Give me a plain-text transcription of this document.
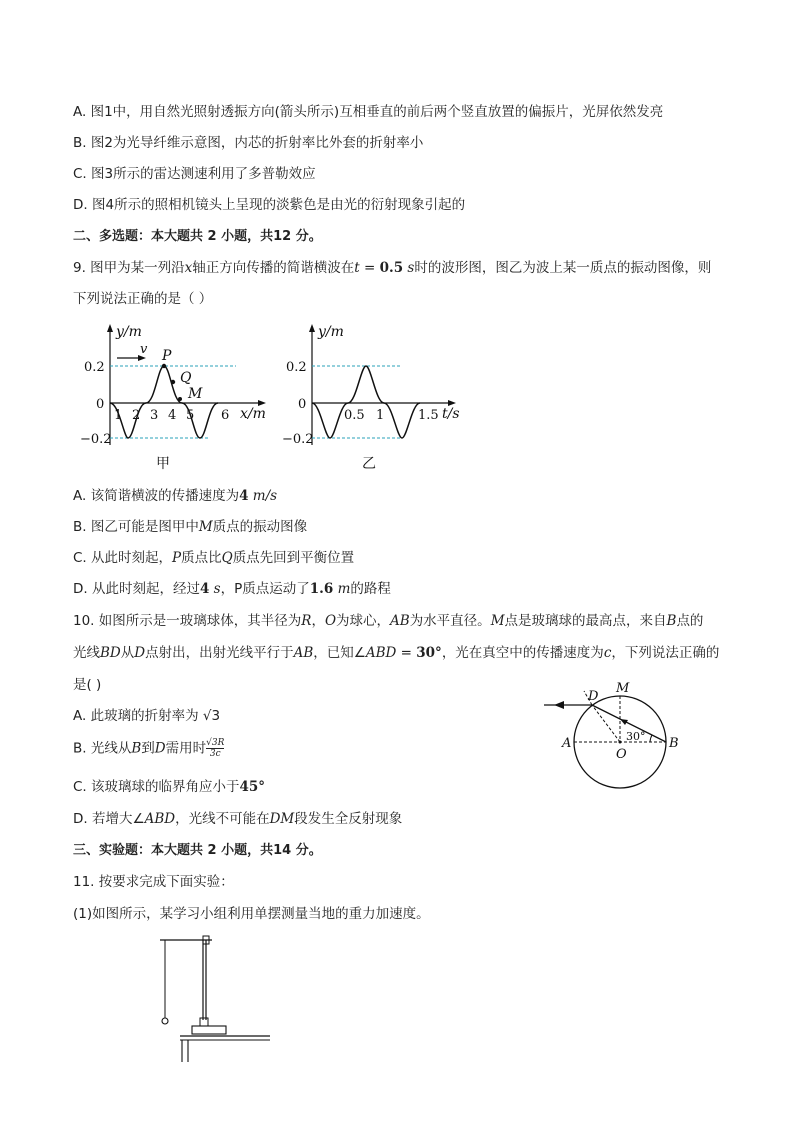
A. 图1中，用自然光照射透振方向(箭头所示)互相垂直的前后两个竖直放置的偏振片，光屏依然发亮
B. 图2为光导纤维示意图，内芯的折射率比外套的折射率小
C. 图3所示的雷达测速利用了多普勒效应
D. 图4所示的照相机镜头上呈现的淡紫色是由光的衍射现象引起的
二、多选题：本大题共 2 小题，共12 分。
9. 图甲为某一列沿x轴正方向传播的简谐横波在t = 0.5 s时的波形图，图乙为波上某一质点的振动图像，则
下列说法正确的是（ ）
y/m
v P
Q
M
0.2
0
−0.2
1 2 3 4 5 6 x/m
甲
y/m
0.2
0
−0.2
0.5 1	1.5 t/s
乙
A. 该简谐横波的传播速度为4 m/s
B. 图乙可能是图甲中M质点的振动图像
C. 从此时刻起，P质点比Q质点先回到平衡位置
D. 从此时刻起，经过4 s，P质点运动了1.6 m的路程
10. 如图所示是一玻璃球体，其半径为R，O为球心，AB为水平直径。M点是玻璃球的最高点，来自B点的
光线BD从D点射出，出射光线平行于AB，已知∠ABD = 30°，光在真空中的传播速度为c，下列说法正确的
是( )
A. 此玻璃的折射率为 √3
B. 光线从B到D需用时 $\frac{√3R}{3c}$
C. 该玻璃球的临界角应小于45°
D. 若增大∠ABD，光线不可能在DM段发生全反射现象
D
M
A
O
B
30°
三、实验题：本大题共 2 小题，共14 分。
11. 按要求完成下面实验：
(1)如图所示，某学习小组利用单摆测量当地的重力加速度。
